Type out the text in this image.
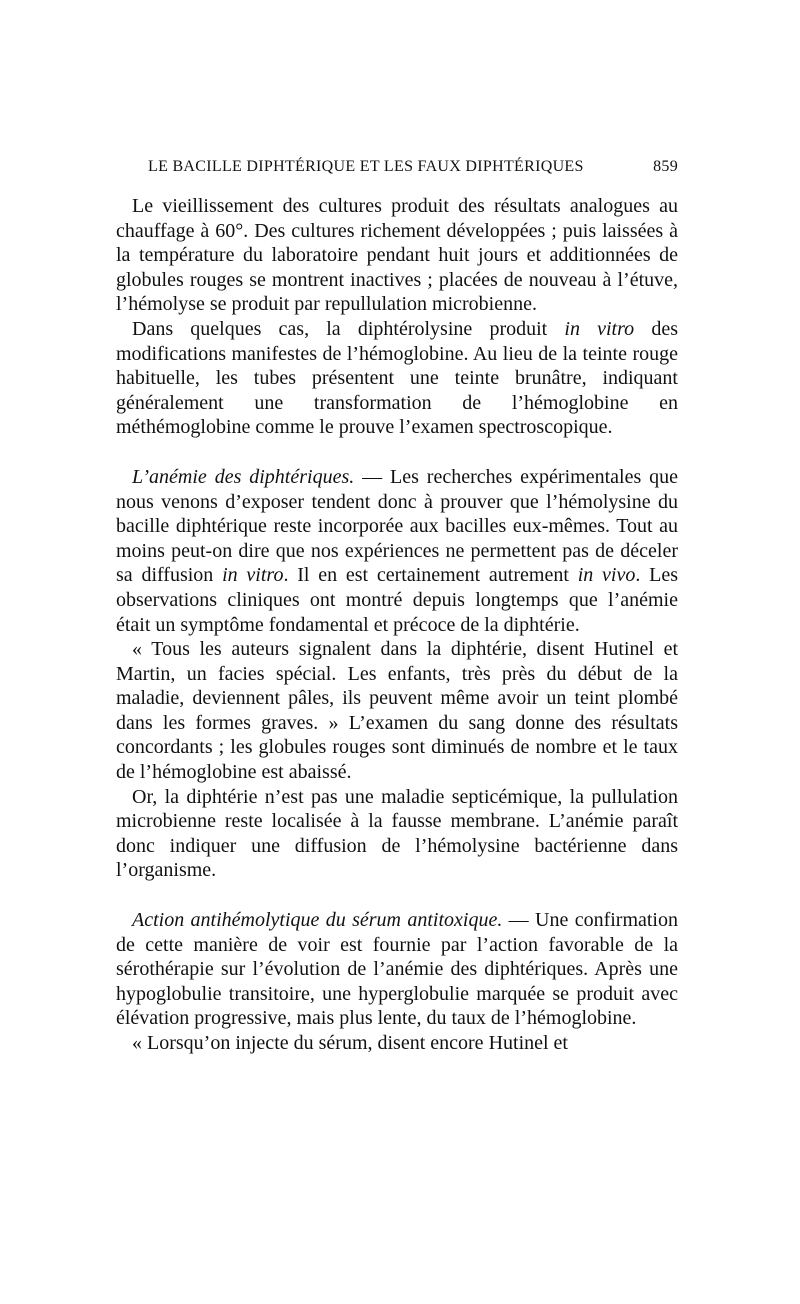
LE BACILLE DIPHTÉRIQUE ET LES FAUX DIPHTÉRIQUES	859

Le vieillissement des cultures produit des résultats analogues au chauffage à 60°. Des cultures richement développées ; puis laissées à la température du laboratoire pendant huit jours et additionnées de globules rouges se montrent inactives ; placées de nouveau à l’étuve, l’hémolyse se produit par repullulation microbienne.

Dans quelques cas, la diphtérolysine produit in vitro des modifications manifestes de l’hémoglobine. Au lieu de la teinte rouge habituelle, les tubes présentent une teinte brunâtre, indiquant généralement une transformation de l’hémoglobine en méthémoglobine comme le prouve l’examen spectroscopique.

L’anémie des diphtériques. — Les recherches expérimentales que nous venons d’exposer tendent donc à prouver que l’hémolysine du bacille diphtérique reste incorporée aux bacilles eux-mêmes. Tout au moins peut-on dire que nos expériences ne permettent pas de déceler sa diffusion in vitro. Il en est certainement autrement in vivo. Les observations cliniques ont montré depuis longtemps que l’anémie était un symptôme fondamental et précoce de la diphtérie.

« Tous les auteurs signalent dans la diphtérie, disent Hutinel et Martin, un facies spécial. Les enfants, très près du début de la maladie, deviennent pâles, ils peuvent même avoir un teint plombé dans les formes graves. » L’examen du sang donne des résultats concordants ; les globules rouges sont diminués de nombre et le taux de l’hémoglobine est abaissé.

Or, la diphtérie n’est pas une maladie septicémique, la pullulation microbienne reste localisée à la fausse membrane. L’anémie paraît donc indiquer une diffusion de l’hémolysine bactérienne dans l’organisme.

Action antihémolytique du sérum antitoxique. — Une confirmation de cette manière de voir est fournie par l’action favorable de la sérothérapie sur l’évolution de l’anémie des diphtériques. Après une hypoglobulie transitoire, une hyperglobulie marquée se produit avec élévation progressive, mais plus lente, du taux de l’hémoglobine.

« Lorsqu’on injecte du sérum, disent encore Hutinel et
